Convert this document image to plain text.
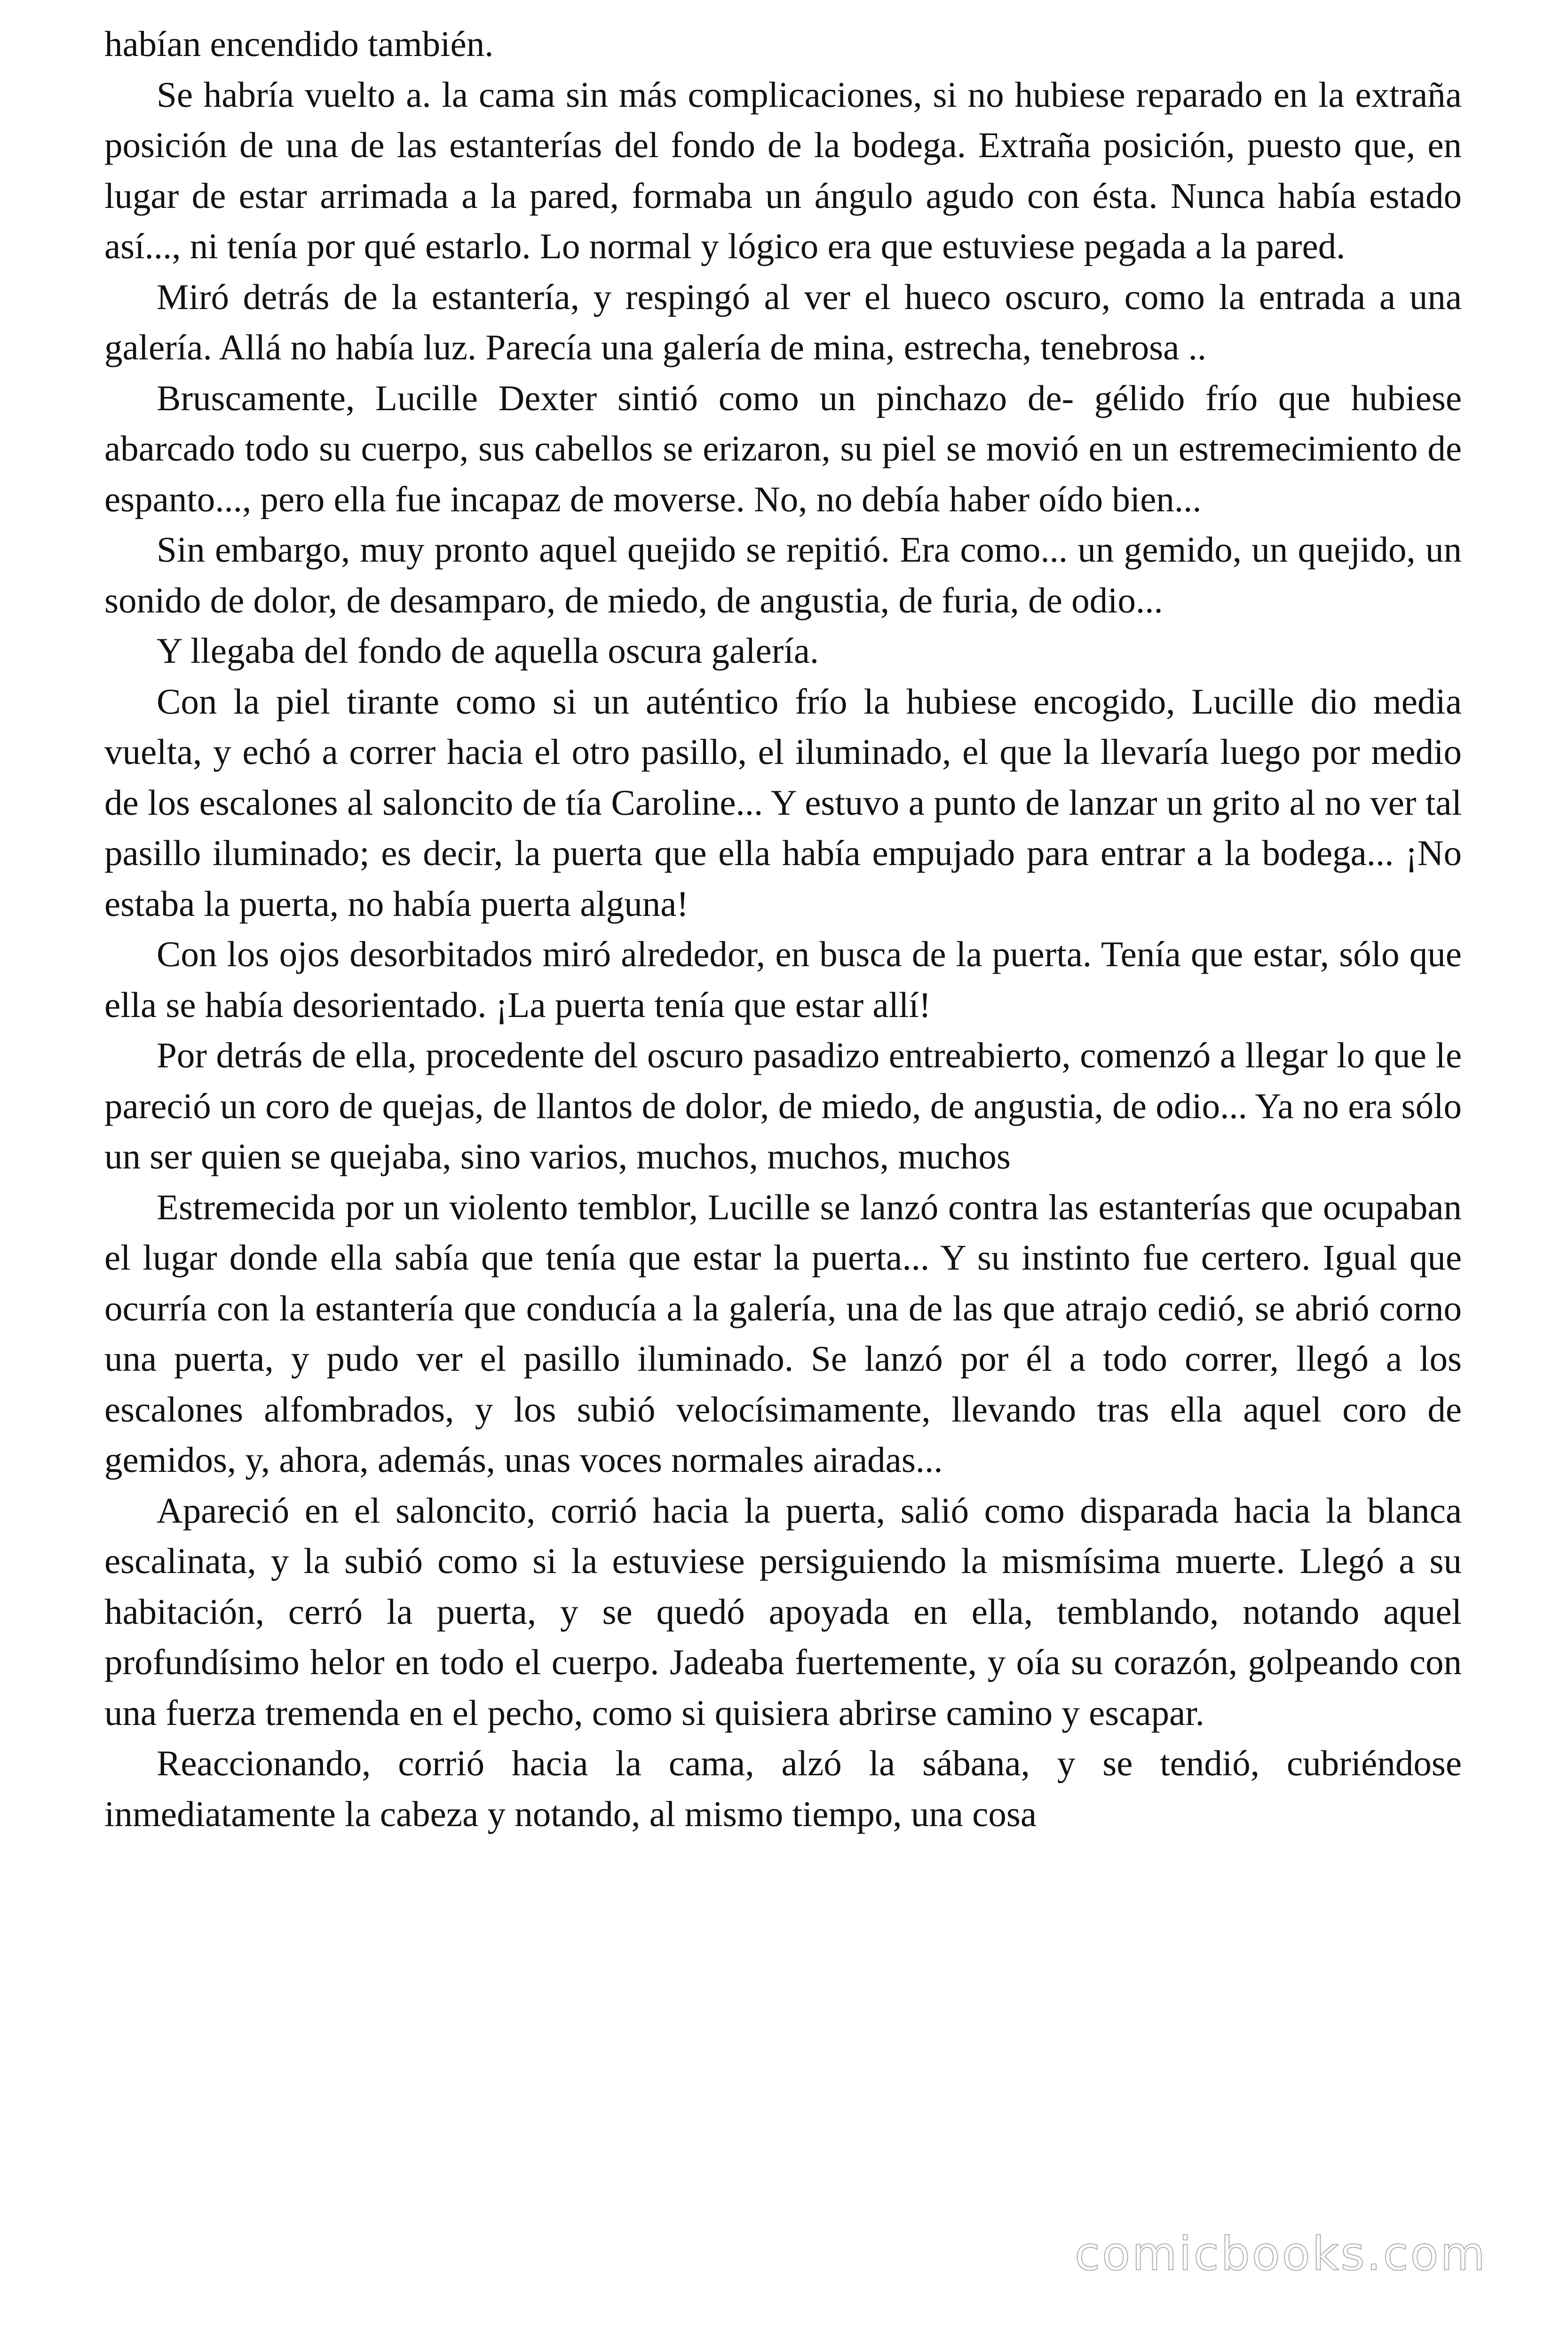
habían encendido también.

Se habría vuelto a. la cama sin más complicaciones, si no hubiese reparado en la extraña posición de una de las estanterías del fondo de la bodega. Extraña posición, puesto que, en lugar de estar arrimada a la pared, formaba un ángulo agudo con ésta. Nunca había estado así..., ni tenía por qué estarlo. Lo normal y lógico era que estuviese pegada a la pared.

Miró detrás de la estantería, y respingó al ver el hueco oscuro, como la entrada a una galería. Allá no había luz. Parecía una galería de mina, estrecha, tenebrosa ..

Bruscamente, Lucille Dexter sintió como un pinchazo de- gélido frío que hubiese abarcado todo su cuerpo, sus cabellos se erizaron, su piel se movió en un estremecimiento de espanto..., pero ella fue incapaz de moverse. No, no debía haber oído bien...

Sin embargo, muy pronto aquel quejido se repitió. Era como... un gemido, un quejido, un sonido de dolor, de desamparo, de miedo, de angustia, de furia, de odio...

Y llegaba del fondo de aquella oscura galería.

Con la piel tirante como si un auténtico frío la hubiese encogido, Lucille dio media vuelta, y echó a correr hacia el otro pasillo, el iluminado, el que la llevaría luego por medio de los escalones al saloncito de tía Caroline... Y estuvo a punto de lanzar un grito al no ver tal pasillo iluminado; es decir, la puerta que ella había empujado para entrar a la bodega... ¡No estaba la puerta, no había puerta alguna!

Con los ojos desorbitados miró alrededor, en busca de la puerta. Tenía que estar, sólo que ella se había desorientado. ¡La puerta tenía que estar allí!

Por detrás de ella, procedente del oscuro pasadizo entreabierto, comenzó a llegar lo que le pareció un coro de quejas, de llantos de dolor, de miedo, de angustia, de odio... Ya no era sólo un ser quien se quejaba, sino varios, muchos, muchos, muchos

Estremecida por un violento temblor, Lucille se lanzó contra las estanterías que ocupaban el lugar donde ella sabía que tenía que estar la puerta... Y su instinto fue certero. Igual que ocurría con la estantería que conducía a la galería, una de las que atrajo cedió, se abrió corno una puerta, y pudo ver el pasillo iluminado. Se lanzó por él a todo correr, llegó a los escalones alfombrados, y los subió velocísimamente, llevando tras ella aquel coro de gemidos, y, ahora, además, unas voces normales airadas...

Apareció en el saloncito, corrió hacia la puerta, salió como disparada hacia la blanca escalinata, y la subió como si la estuviese persiguiendo la mismísima muerte. Llegó a su habitación, cerró la puerta, y se quedó apoyada en ella, temblando, notando aquel profundísimo helor en todo el cuerpo. Jadeaba fuertemente, y oía su corazón, golpeando con una fuerza tremenda en el pecho, como si quisiera abrirse camino y escapar.

Reaccionando, corrió hacia la cama, alzó la sábana, y se tendió, cubriéndose inmediatamente la cabeza y notando, al mismo tiempo, una cosa

comicbooks.com
